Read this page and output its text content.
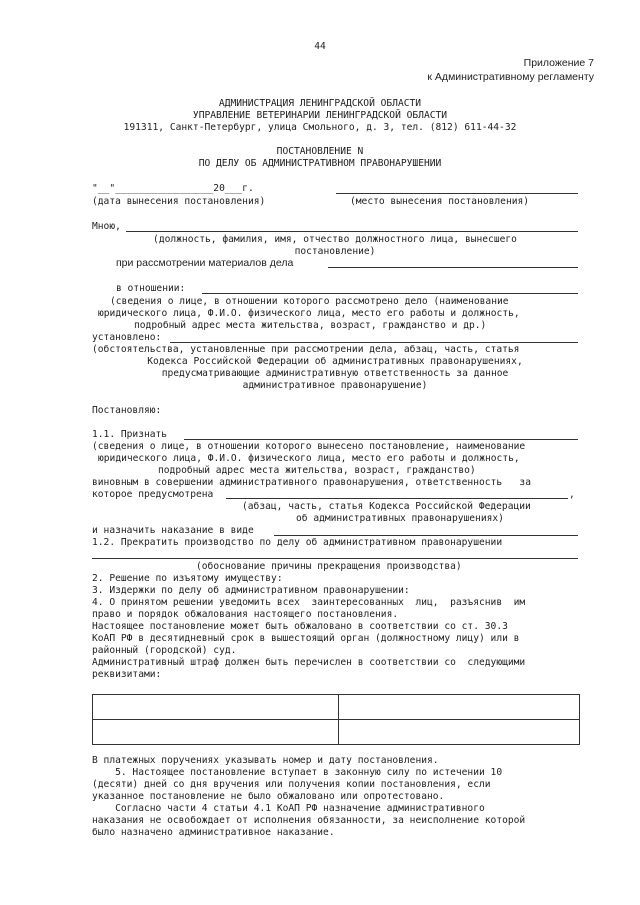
44
Приложение 7
к Административному регламенту
АДМИНИСТРАЦИЯ ЛЕНИНГРАДСКОЙ ОБЛАСТИ
УПРАВЛЕНИЕ ВЕТЕРИНАРИИ ЛЕНИНГРАДСКОЙ ОБЛАСТИ
191311, Санкт-Петербург, улица Смольного, д. 3, тел. (812) 611-44-32
ПОСТАНОВЛЕНИЕ N
ПО ДЕЛУ ОБ АДМИНИСТРАТИВНОМ ПРАВОНАРУШЕНИИ
"__"_________________20___г.
(дата вынесения постановления)	(место вынесения постановления)
Мною,
(должность, фамилия, имя, отчество должностного лица, вынесшего
постановление)
при рассмотрении материалов дела
в отношении:
(сведения о лице, в отношении которого рассмотрено дело (наименование
юридического лица, Ф.И.О. физического лица, место его работы и должность,
подробный адрес места жительства, возраст, гражданство и др.)
установлено:
(обстоятельства, установленные при рассмотрении дела, абзац, часть, статья
Кодекса Российской Федерации об административных правонарушениях,
предусматривающие административную ответственность за данное
административное правонарушение)
Постановляю:
1.1. Признать
(сведения о лице, в отношении которого вынесено постановление, наименование
юридического лица, Ф.И.О. физического лица, место его работы и должность,
подробный адрес места жительства, возраст, гражданство)
виновным в совершении административного правонарушения, ответственность   за
которое предусмотрена	,
(абзац, часть, статья Кодекса Российской Федерации
об административных правонарушениях)
и назначить наказание в виде
1.2. Прекратить производство по делу об административном правонарушении
(обоснование причины прекращения производства)
2. Решение по изъятому имуществу:
3. Издержки по делу об административном правонарушении:
4. О принятом решении уведомить всех  заинтересованных  лиц,  разъяснив  им
право и порядок обжалования настоящего постановления.
Настоящее постановление может быть обжаловано в соответствии со ст. 30.3
КоАП РФ в десятидневный срок в вышестоящий орган (должностному лицу) или в
районный (городской) суд.
Административный штраф должен быть перечислен в соответствии со  следующими
реквизитами:

В платежных поручениях указывать номер и дату постановления.
5. Настоящее постановление вступает в законную силу по истечении 10
(десяти) дней со дня вручения или получения копии постановления, если
указанное постановление не было обжаловано или опротестовано.
Согласно части 4 статьи 4.1 КоАП РФ назначение административного
наказания не освобождает от исполнения обязанности, за неисполнение которой
было назначено административное наказание.
